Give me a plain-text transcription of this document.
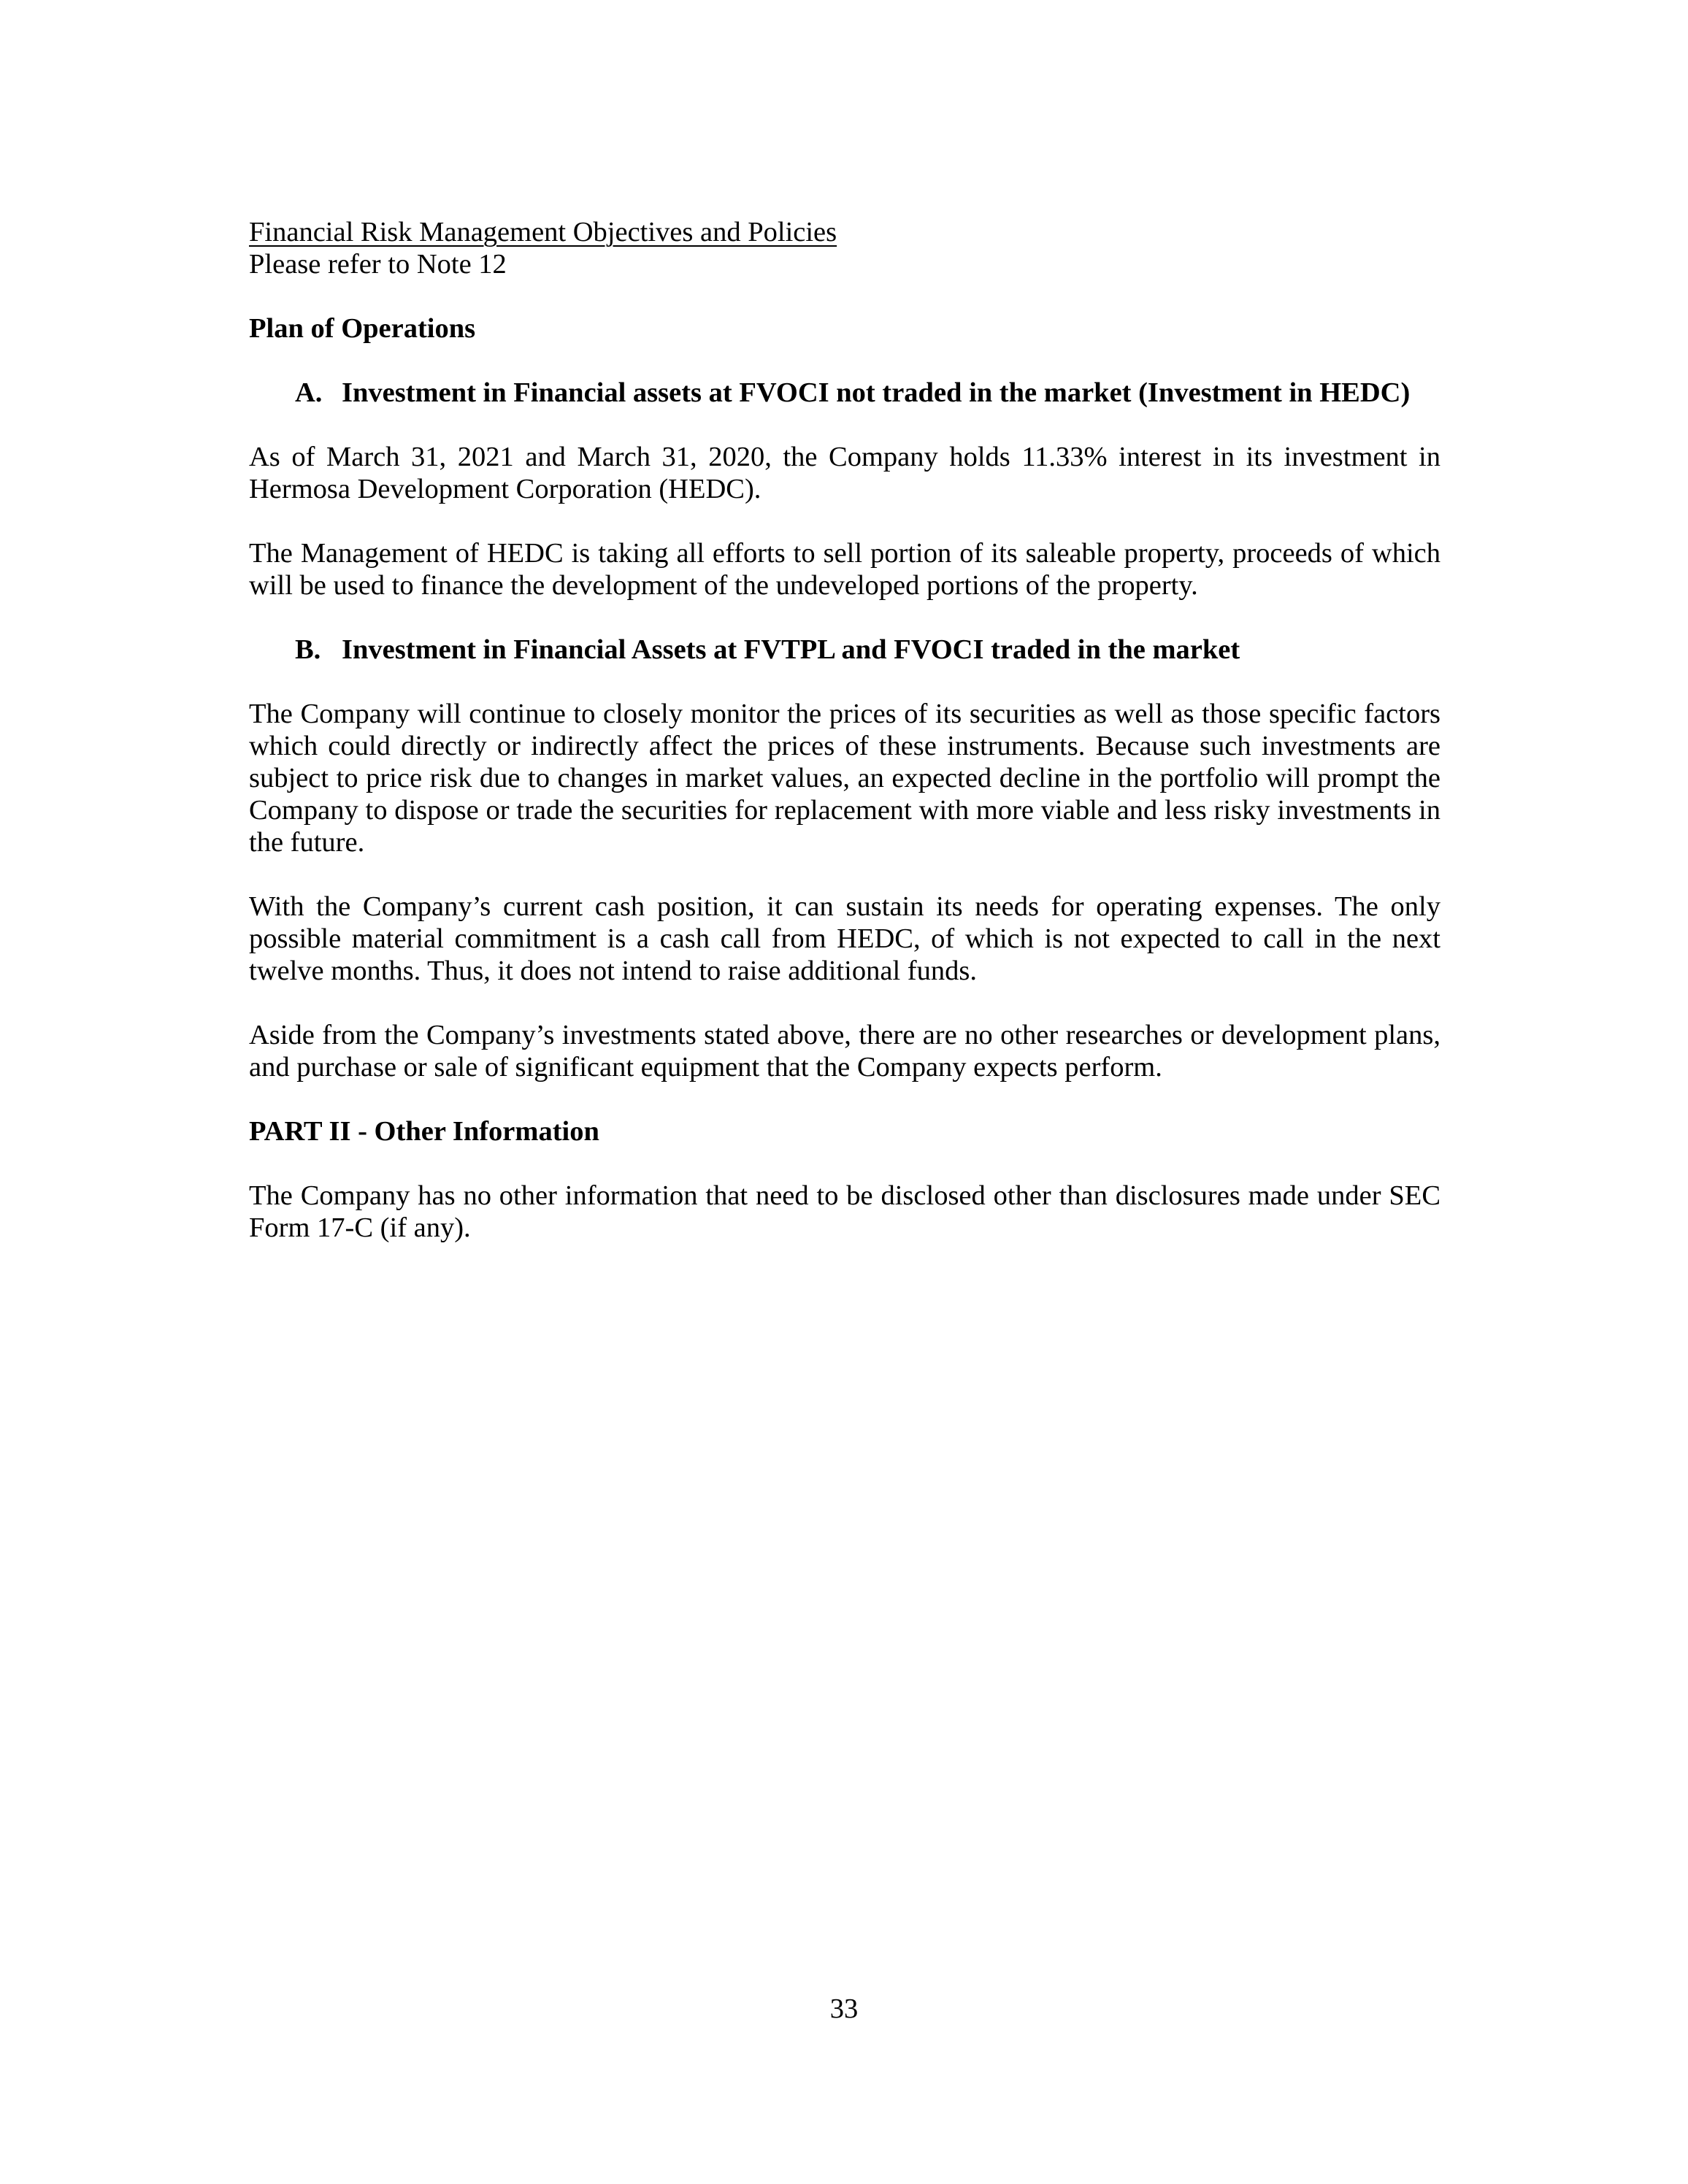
Financial Risk Management Objectives and Policies

Please refer to Note 12

Plan of Operations

A. Investment in Financial assets at FVOCI not traded in the market (Investment in HEDC)

As of March 31, 2021 and March 31, 2020, the Company holds 11.33% interest in its investment in Hermosa Development Corporation (HEDC).

The Management of HEDC is taking all efforts to sell portion of its saleable property, proceeds of which will be used to finance the development of the undeveloped portions of the property.

B. Investment in Financial Assets at FVTPL and FVOCI traded in the market

The Company will continue to closely monitor the prices of its securities as well as those specific factors which could directly or indirectly affect the prices of these instruments. Because such investments are subject to price risk due to changes in market values, an expected decline in the portfolio will prompt the Company to dispose or trade the securities for replacement with more viable and less risky investments in the future.

With the Company’s current cash position, it can sustain its needs for operating expenses. The only possible material commitment is a cash call from HEDC, of which is not expected to call in the next twelve months. Thus, it does not intend to raise additional funds.

Aside from the Company’s investments stated above, there are no other researches or development plans, and purchase or sale of significant equipment that the Company expects perform.

PART II - Other Information

The Company has no other information that need to be disclosed other than disclosures made under SEC Form 17-C (if any).

33
